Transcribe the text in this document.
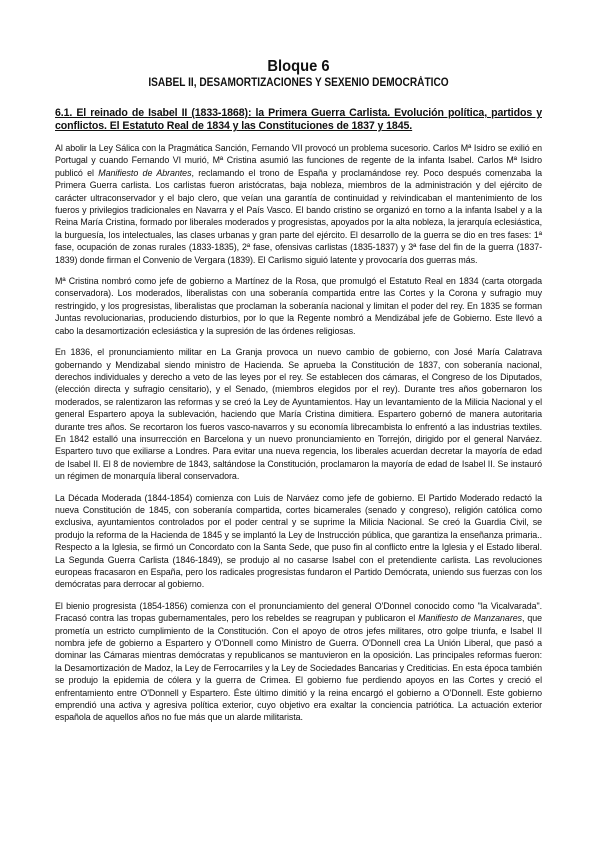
Bloque 6
ISABEL II, DESAMORTIZACIONES Y SEXENIO DEMOCRÁTICO
6.1. El reinado de Isabel II (1833-1868): la Primera Guerra Carlista. Evolución política, partidos y conflictos. El Estatuto Real de 1834 y las Constituciones de 1837 y 1845.

Al abolir la Ley Sálica con la Pragmática Sanción, Fernando VII provocó un problema sucesorio. Carlos Mª Isidro se exilió en Portugal y cuando Fernando VI murió, Mª Cristina asumió las funciones de regente de la infanta Isabel. Carlos Mª Isidro publicó el Manifiesto de Abrantes, reclamando el trono de España y proclamándose rey. Poco después comenzaba la Primera Guerra carlista. Los carlistas fueron aristócratas, baja nobleza, miembros de la administración y del ejército de carácter ultraconservador y el bajo clero, que veían una garantía de continuidad y reivindicaban el mantenimiento de los fueros y privilegios tradicionales en Navarra y el País Vasco. El bando cristino se organizó en torno a la infanta Isabel y a la Reina María Cristina, formado por liberales moderados y progresistas, apoyados por la alta nobleza, la jerarquía eclesiástica, la burguesía, los intelectuales, las clases urbanas y gran parte del ejército. El desarrollo de la guerra se dio en tres fases: 1ª fase, ocupación de zonas rurales (1833-1835), 2ª fase, ofensivas carlistas (1835-1837) y 3ª fase del fin de la guerra (1837-1839) donde firman el Convenio de Vergara (1839). El Carlismo siguió latente y provocaría dos guerras más.

Mª Cristina nombró como jefe de gobierno a Martínez de la Rosa, que promulgó el Estatuto Real en 1834 (carta otorgada conservadora). Los moderados, liberalistas con una soberanía compartida entre las Cortes y la Corona y sufragio muy restringido, y los progresistas, liberalistas que proclaman la soberanía nacional y limitan el poder del rey. En 1835 se forman Juntas revolucionarias, produciendo disturbios, por lo que la Regente nombró a Mendizábal jefe de Gobierno. Este llevó a cabo la desamortización eclesiástica y la supresión de las órdenes religiosas.

En 1836, el pronunciamiento militar en La Granja provoca un nuevo cambio de gobierno, con José María Calatrava gobernando y Mendizabal siendo ministro de Hacienda. Se aprueba la Constitución de 1837, con soberanía nacional, derechos individuales y derecho a veto de las leyes por el rey. Se establecen dos cámaras, el Congreso de los Diputados, (elección directa y sufragio censitario), y el Senado, (miembros elegidos por el rey). Durante tres años gobernaron los moderados, se ralentizaron las reformas y se creó la Ley de Ayuntamientos. Hay un levantamiento de la Milicia Nacional y el general Espartero apoya la sublevación, haciendo que María Cristina dimitiera. Espartero gobernó de manera autoritaria durante tres años. Se recortaron los fueros vasco-navarros y su economía librecambista lo enfrentó a las industrias textiles. En 1842 estalló una insurrección en Barcelona y un nuevo pronunciamiento en Torrejón, dirigido por el general Narváez. Espartero tuvo que exiliarse a Londres. Para evitar una nueva regencia, los liberales acuerdan decretar la mayoría de edad de Isabel II. El 8 de noviembre de 1843, saltándose la Constitución, proclamaron la mayoría de edad de Isabel II. Se instauró un régimen de monarquía liberal conservadora.

La Década Moderada (1844-1854) comienza con Luis de Narváez como jefe de gobierno. El Partido Moderado redactó la nueva Constitución de 1845, con soberanía compartida, cortes bicamerales (senado y congreso), religión católica como exclusiva, ayuntamientos controlados por el poder central y se suprime la Milicia Nacional. Se creó la Guardia Civil, se produjo la reforma de la Hacienda de 1845 y se implantó la Ley de Instrucción pública, que garantiza la enseñanza primaria.. Respecto a la Iglesia, se firmó un Concordato con la Santa Sede, que puso fin al conflicto entre la Iglesia y el Estado liberal. La Segunda Guerra Carlista (1846-1849), se produjo al no casarse Isabel con el pretendiente carlista. Las revoluciones europeas fracasaron en España, pero los radicales progresistas fundaron el Partido Demócrata, uniendo sus fuerzas con los demócratas para derrocar al gobierno.

El bienio progresista (1854-1856) comienza con el pronunciamiento del general O'Donnel conocido como "la Vicalvarada". Fracasó contra las tropas gubernamentales, pero los rebeldes se reagrupan y publicaron el Manifiesto de Manzanares, que prometía un estricto cumplimiento de la Constitución. Con el apoyo de otros jefes militares, otro golpe triunfa, e Isabel II nombra jefe de gobierno a Espartero y O'Donnell como Ministro de Guerra. O'Donnell crea La Unión Liberal, que pasó a dominar las Cámaras mientras demócratas y republicanos se mantuvieron en la oposición. Las principales reformas fueron: la Desamortización de Madoz, la Ley de Ferrocarriles y la Ley de Sociedades Bancarias y Crediticias. En esta época también se produjo la epidemia de cólera y la guerra de Crimea. El gobierno fue perdiendo apoyos en las Cortes y creció el enfrentamiento entre O'Donnell y Espartero. Éste último dimitió y la reina encargó el gobierno a O'Donnell. Este gobierno emprendió una activa y agresiva política exterior, cuyo objetivo era exaltar la conciencia patriótica. La actuación exterior española de aquellos años no fue más que un alarde militarista.
